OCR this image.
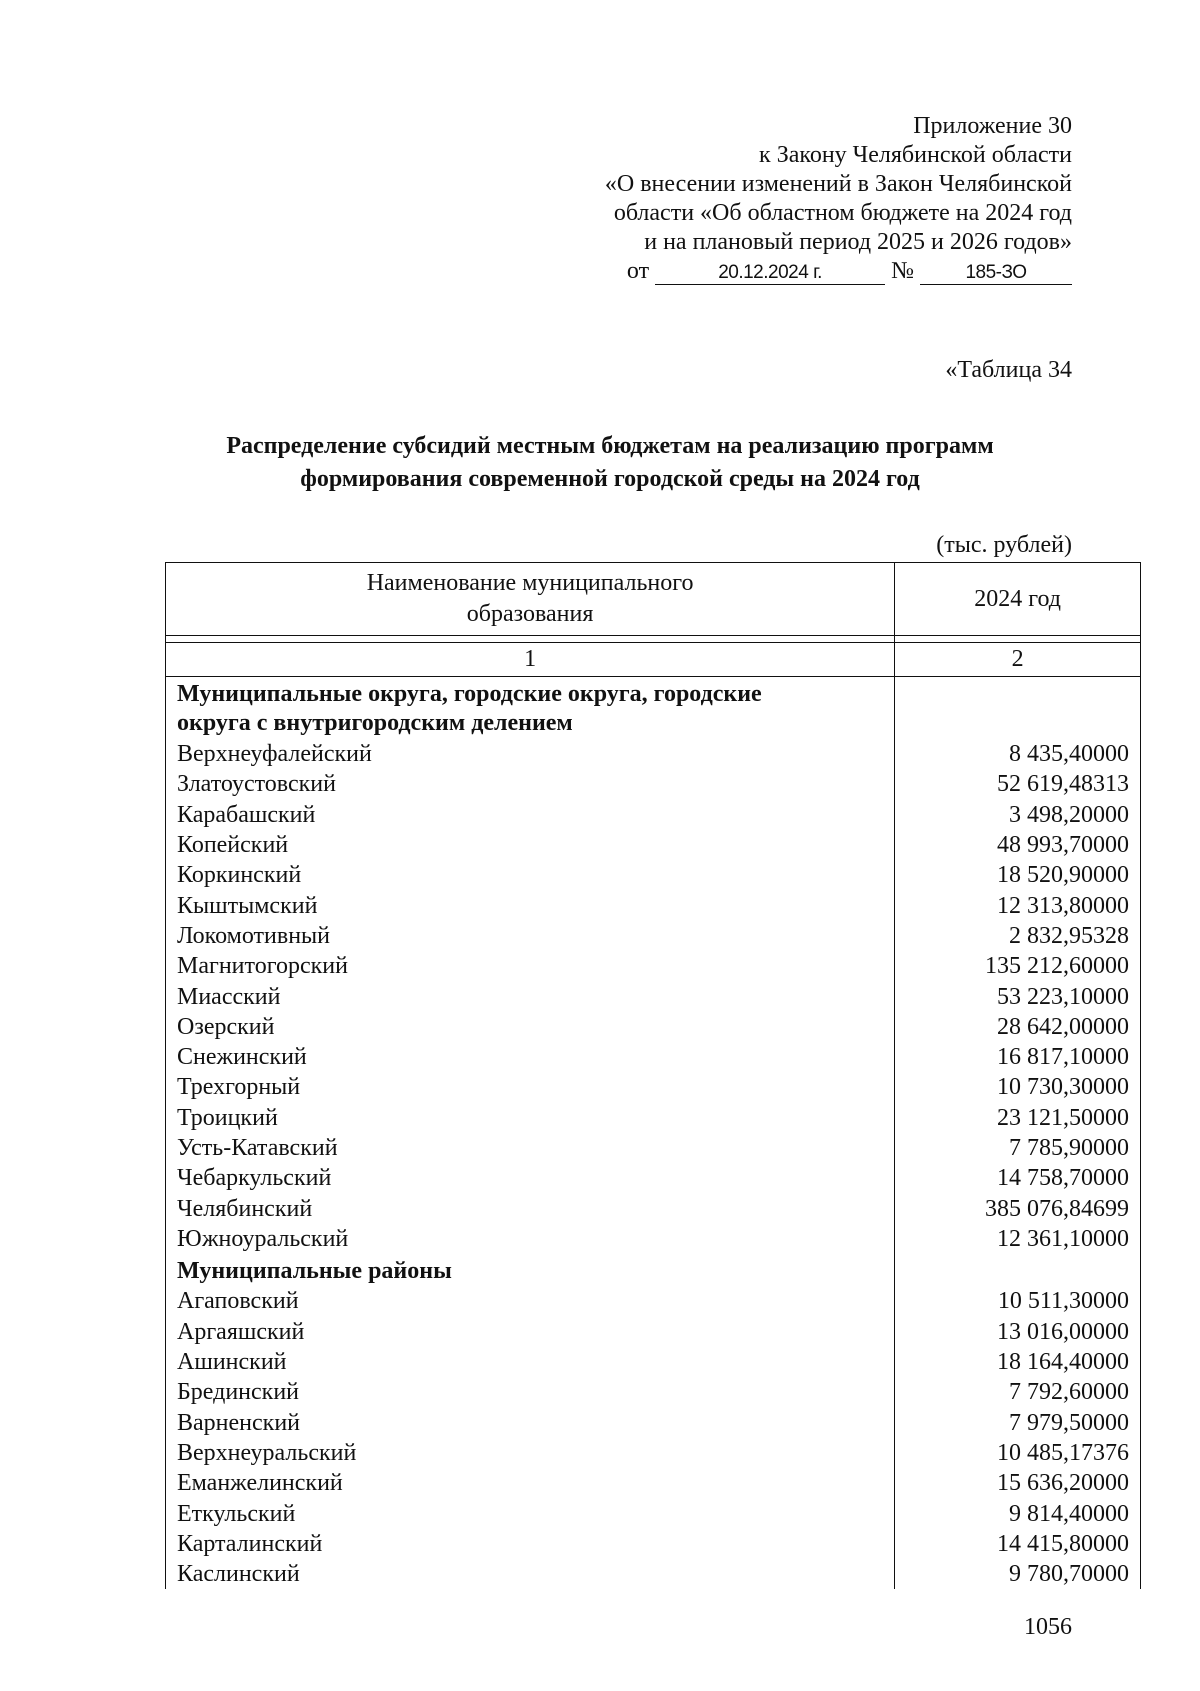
Приложение 30
к Закону Челябинской области
«О внесении изменений в Закон Челябинской
области «Об областном бюджете на 2024 год
и на плановый период 2025 и 2026 годов»
от	20.12.2024 г.	№	185-ЗО
«Таблица 34
Распределение субсидий местным бюджетам на реализацию программ
формирования современной городской среды на 2024 год
(тыс. рублей)
Наименование муниципального
образования	2024 год

1	2

Муниципальные округа, городские округа, городские
округа с внутригородским делением	

Верхнеуфалейский	8 435,40000
Златоустовский	52 619,48313
Карабашский	3 498,20000
Копейский	48 993,70000
Коркинский	18 520,90000
Кыштымский	12 313,80000
Локомотивный	2 832,95328
Магнитогорский	135 212,60000
Миасский	53 223,10000
Озерский	28 642,00000
Снежинский	16 817,10000
Трехгорный	10 730,30000
Троицкий	23 121,50000
Усть-Катавский	7 785,90000
Чебаркульский	14 758,70000
Челябинский	385 076,84699
Южноуральский	12 361,10000
Муниципальные районы	
Агаповский	10 511,30000
Аргаяшский	13 016,00000
Ашинский	18 164,40000
Брединский	7 792,60000
Варненский	7 979,50000
Верхнеуральский	10 485,17376
Еманжелинский	15 636,20000
Еткульский	9 814,40000
Карталинский	14 415,80000
Каслинский	9 780,70000
1056
